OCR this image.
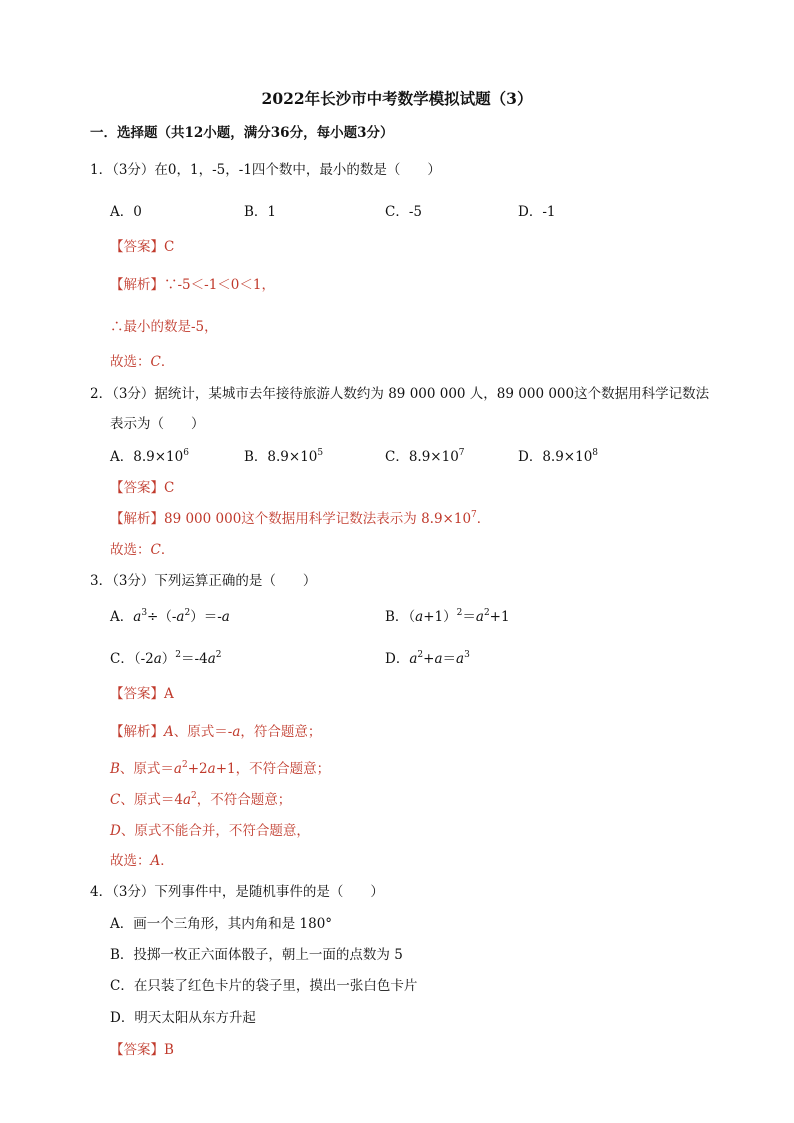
2022年长沙市中考数学模拟试题（3）
一．选择题（共12小题，满分36分，每小题3分）
1．（3分）在0，1，-5，-1四个数中，最小的数是（　　）
A．0	B．1	C．-5	D．-1
【答案】C
【解析】∵-5＜-1＜0＜1，
∴最小的数是-5，
故选：C．
2．（3分）据统计，某城市去年接待旅游人数约为 89 000 000 人，89 000 000这个数据用科学记数法
表示为（　　）
A．$8.9\times 10^6$	B．$8.9\times 10^5$	C．$8.9\times 10^7$	D．$8.9\times 10^8$
【答案】C
【解析】89 000 000这个数据用科学记数法表示为 $8.9\times 10^7$．
故选：C．
3．（3分）下列运算正确的是（　　）
A．$a^3\div(-a^2)=-a$	B．$(a+1)^2=a^2+1$
C．$(-2a)^2=-4a^2$	D．$a^2+a=a^3$
【答案】A
【解析】A、原式＝-a，符合题意；
B、原式$=a^2+2a+1$，不符合题意；
C、原式$=4a^2$，不符合题意；
D、原式不能合并，不符合题意，
故选：A．
4．（3分）下列事件中，是随机事件的是（　　）
A．画一个三角形，其内角和是 180°
B．投掷一枚正六面体骰子，朝上一面的点数为 5
C．在只装了红色卡片的袋子里，摸出一张白色卡片
D．明天太阳从东方升起
【答案】B
